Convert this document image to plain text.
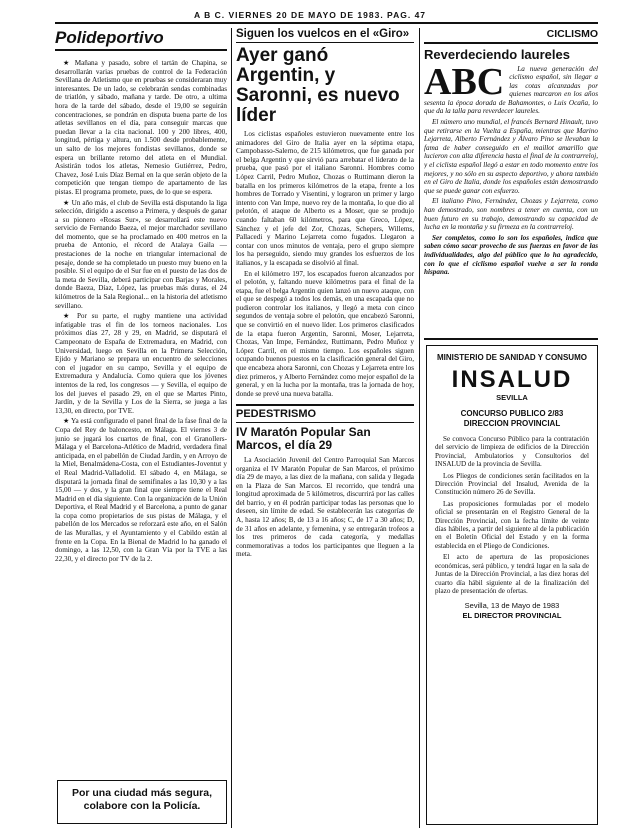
A B C. VIERNES 20 DE MAYO DE 1983. PAG. 47
Polideportivo

★ Mañana y pasado, sobre el tartán de Chapina, se desarrollarán varias pruebas de control de la Federación Sevillana de Atletismo que en pruebas se consideraran muy interesantes. De un lado, se celebrarán sendas combinadas de triatlón, y sábado, mañana y tarde. De otro, a ultima hora de la tarde del sábado, desde el 19,00 se seguirán concentraciones, se pondrán en disputa buena parte de los atletas sevillanos en el día, para conseguir marcas que puedan llevar a la cita nacional. 100 y 200 libres, 400, longitud, pértiga y altura, un 1.500 desde probablemente, un salto de los mejores fondistas sevillanos, donde se espera un brillante retorno del atleta en el Mundial. Asistirán todos los atletas, Nemesio Gutiérrez, Pedro, Chavez, José Luis Díaz Bernal en la que serán objeto de la competición que tengan tiempo de apartamento de las pistas. El programa promete, pues, de lo que se espera.

★ Un año más, el club de Sevilla está disputando la liga selección, dirigido a ascenso a Primera, y después de ganar a su pionero «Rosas Sur», se desarrollará este nuevo servicio de Fernando Baeza, el mejor marchador sevillano del momento, que se ha proclamado en 400 metros en la prueba de Antonio, el récord de Atalaya Gaila — prestaciones de la noche en triangular internacional de pesaje, donde se ha completado un puesto muy bueno en la posible. Si el equipo de el Sur fue en el puesto de las dos de la meta de Sevilla, deberá participar con Barjas y Morales, donde Baeza, Díaz, López, las pruebas más duras, el 24 kilómetros de la Sala Regional... en la historia del atletismo sevillano.

★ Por su parte, el rugby mantiene una actividad infatigable tras el fin de los torneos nacionales. Los próximos días 27, 28 y 29, en Madrid, se disputará el Campeonato de España de Extremadura, en Madrid, con Universidad, luego en Sevilla en la Primera Selección, Ejido y Mariano se prepara un encuentro de selecciones con el jugador en su campo, Sevilla y el equipo de Extremadura y Andalucía. Como quiera que los jóvenes intentos de la red, los congresos — y Sevilla, el equipo de los del jueves el pasado 29, en el que se Martes Pinto, Jardín, y de la Sevilla y Los de la Sierra, se juega a las 13,30, en directo, por TVE.

★ Ya está configurado el panel final de la fase final de la Copa del Rey de baloncesto, en Málaga. El viernes 3 de junio se jugará los cuartos de final, con el Granollers-Málaga y el Barcelona-Atlético de Madrid, verdadera final anticipada, en el pabellón de Ciudad Jardín, y en Arroyo de la Miel, Benalmádena-Costa, con el Estudiantes-Joventut y el Real Madrid-Valladolid. El sábado 4, en Málaga, se disputará la jornada final de semifinales a las 10,30 y a las 15,00 — y dos, y la gran final que siempre tiene el Real Madrid en el día siguiente. Con la organización de la Unión Deportiva, el Real Madrid y el Barcelona, a punto de ganar la copa como propietarios de sus pistas de Málaga, y el pabellón de los Mercados se reforzará este año, en el Salón de las Murallas, y el Ayuntamiento y el Cabildo están al frente en la Copa. En la Bienal de Madrid lo ha ganado el domingo, a las 12,50, con la Gran Vía por la TVE a las 22,30, y el directo por TV de la 2.

Por una ciudad más segura,
colabore con la Policía.
Siguen los vuelcos en el «Giro»
Ayer ganó Argentin, y Saronni, es nuevo líder

Los ciclistas españoles estuvieron nuevamente entre los animadores del Giro de Italia ayer en la séptima etapa, Campobasso-Salerno, de 215 kilómetros, que fue ganada por el belga Argentin y que sirvió para arrebatar el liderato de la prueba, que pasó por el italiano Saronni. Hombres como López Carril, Pedro Muñoz, Chozas o Ruttimann dieron la batalla en los primeros kilómetros de la etapa, frente a los hombres de Torrado y Visentini, y lograron un primer y largo intento con Van Impe, nuevo rey de la montaña, lo que dio al pelotón, el ataque de Alberto es a Moser, que se produjo cuando faltaban 60 kilómetros, para que Greco, López, Sánchez y el jefe del Zor, Chozas, Schepers, Willems, Pallacedi y Marino Lejarreta como fugados. Llegaron a contar con unos minutos de ventaja, pero el grupo siempre los ha perseguido, siendo muy grandes los esfuerzos de los italianos, y la escapada se disolvió al final.

En el kilómetro 197, los escapados fueron alcanzados por el pelotón, y, faltando nueve kilómetros para el final de la etapa, fue el belga Argentin quien lanzó un nuevo ataque, con el que se despegó a todos los demás, en una escapada que no pudieron controlar los italianos, y llegó a meta con cinco segundos de ventaja sobre el pelotón, que encabezó Saronni, que se convirtió en el nuevo líder. Los primeros clasificados de la etapa fueron Argentin, Saronni, Moser, Lejarreta, Chozas, Van Impe, Fernández, Ruttimann, Pedro Muñoz y López Carril, en el mismo tiempo. Los españoles siguen ocupando buenos puestos en la clasificación general del Giro, que encabeza ahora Saronni, con Chozas y Lejarreta entre los diez primeros, y Alberto Fernández como mejor español de la general, y en la lucha por la montaña, tras la jornada de hoy, donde se prevé una nueva batalla.

PEDESTRISMO
IV Maratón Popular San Marcos, el día 29

La Asociación Juvenil del Centro Parroquial San Marcos organiza el IV Maratón Popular de San Marcos, el próximo día 29 de mayo, a las diez de la mañana, con salida y llegada en la Plaza de San Marcos. El recorrido, que tendrá una longitud aproximada de 5 kilómetros, discurrirá por las calles del barrio, y en él podrán participar todas las personas que lo deseen, sin límite de edad. Se establecerán las categorías de A, hasta 12 años; B, de 13 a 16 años; C, de 17 a 30 años; D, de 31 años en adelante, y femenina, y se entregarán trofeos a los tres primeros de cada categoría, y medallas conmemorativas a todos los participantes que lleguen a la meta.

CICLISMO
Reverdeciendo laureles
ABC	La nueva generación del ciclismo español, sin llegar a las cotas alcanzadas por quienes marcaron en los años sesenta la época dorada de Bahamontes, o Luis Ocaña, lo que da la talla para reverdecer laureles.

El número uno mundial, el francés Bernard Hinault, tuvo que retirarse en la Vuelta a España, mientras que Marino Lejarreta, Alberto Fernández y Álvaro Pino se llevaban la fama de haber conseguido en el maillot amarillo que lucieron con alta diferencia hasta el final de la contrarreloj, y el ciclista español llegó a estar en todo momento entre los mejores, y no sólo en su aspecto deportivo, y ahora también en el Giro de Italia, donde los españoles están demostrando que se puede ganar con esfuerzo.

El italiano Pino, Fernández, Chozas y Lejarreta, como han demostrado, son nombres a tener en cuenta, con un buen futuro en su trabajo, demostrando su capacidad de lucha en la montaña y su firmeza en la contrarreloj.

Ser completos, como lo son los españoles, indica que saben cómo sacar provecho de sus fuerzas en favor de las individualidades, algo del público que lo ha agradecido, con lo que el ciclismo español vuelve a ser la ronda hispana.

MINISTERIO DE SANIDAD Y CONSUMO
INSALUD
SEVILLA
CONCURSO PUBLICO 2/83
DIRECCION PROVINCIAL

Se convoca Concurso Público para la contratación del servicio de limpieza de edificios de la Dirección Provincial, Ambulatorios y Consultorios del INSALUD de la provincia de Sevilla.

Los Pliegos de condiciones serán facilitados en la Dirección Provincial del Insalud, Avenida de la Constitución número 26 de Sevilla.

Las proposiciones formuladas por el modelo oficial se presentarán en el Registro General de la Dirección Provincial, con la fecha límite de veinte días hábiles, a partir del siguiente al de la publicación en el Boletín Oficial del Estado y en la forma establecida en el Pliego de Condiciones.

El acto de apertura de las proposiciones económicas, será público, y tendrá lugar en la sala de Juntas de la Dirección Provincial, a las diez horas del cuarto día hábil siguiente al de la finalización del plazo de presentación de ofertas.

Sevilla, 13 de Mayo de 1983
EL DIRECTOR PROVINCIAL
